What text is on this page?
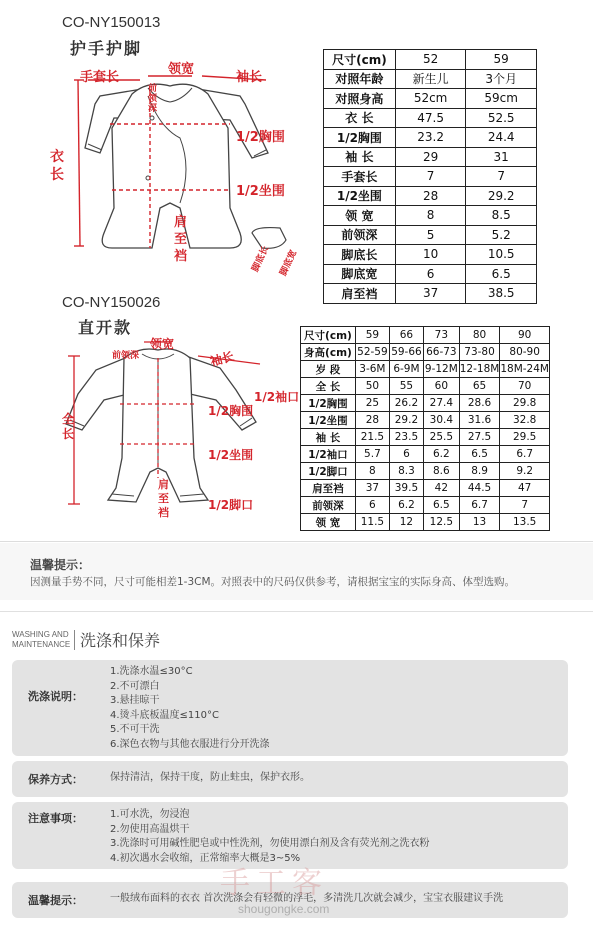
CO-NY150013
护手护脚
手套长
领宽
袖长
前领深
衣长
1/2胸围
1/2坐围
肩至裆	脚底长 脚底宽
尺寸(cm)	52	59
对照年龄	新生儿	3个月
对照身高	52cm	59cm
衣 长	47.5	52.5
1/2胸围	23.2	24.4
袖 长	29	31
手套长	7	7
1/2坐围	28	29.2
领 宽	8	8.5
前领深	5	5.2
脚底长	10	10.5
脚底宽	6	6.5
肩至裆	37	38.5
CO-NY150026
直开款
领宽
前领深	袖长
1/2袖口
1/2胸围
全长
1/2坐围
肩至裆
1/2脚口
尺寸(cm)	59	66	73	80	90
身高(cm)	52-59	59-66	66-73	73-80	80-90
岁 段	3-6M	6-9M	9-12M	12-18M	18M-24M
全 长	50	55	60	65	70
1/2胸围	25	26.2	27.4	28.6	29.8
1/2坐围	28	29.2	30.4	31.6	32.8
袖 长	21.5	23.5	25.5	27.5	29.5
1/2袖口	5.7	6	6.2	6.5	6.7
1/2脚口	8	8.3	8.6	8.9	9.2
肩至裆	37	39.5	42	44.5	47
前领深	6	6.2	6.5	6.7	7
领 宽	11.5	12	12.5	13	13.5
温馨提示：
因测量手势不同，尺寸可能相差1-3CM。对照表中的尺码仅供参考，请根据宝宝的实际身高、体型选购。
WASHING AND
MAINTENANCE 洗涤和保养
洗涤说明：
1.洗涤水温≤30°C
2.不可漂白
3.悬挂晾干
4.烫斗底板温度≤110°C
5.不可干洗
6.深色衣物与其他衣服进行分开洗涤
保养方式：	保持清洁，保持干度，防止蛀虫，保护衣形。
注意事项：	1.可水洗，勿浸泡
2.勿使用高温烘干
3.洗涤时可用碱性肥皂或中性洗剂，勿使用漂白剂及含有荧光剂之洗衣粉
4.初次遇水会收缩，正常缩率大概是3~5%
温馨提示：	一般绒布面料的衣衣 首次洗涤会有轻微的浮毛，多清洗几次就会减少，宝宝衣服建议手洗
手工客
shougongke.com
